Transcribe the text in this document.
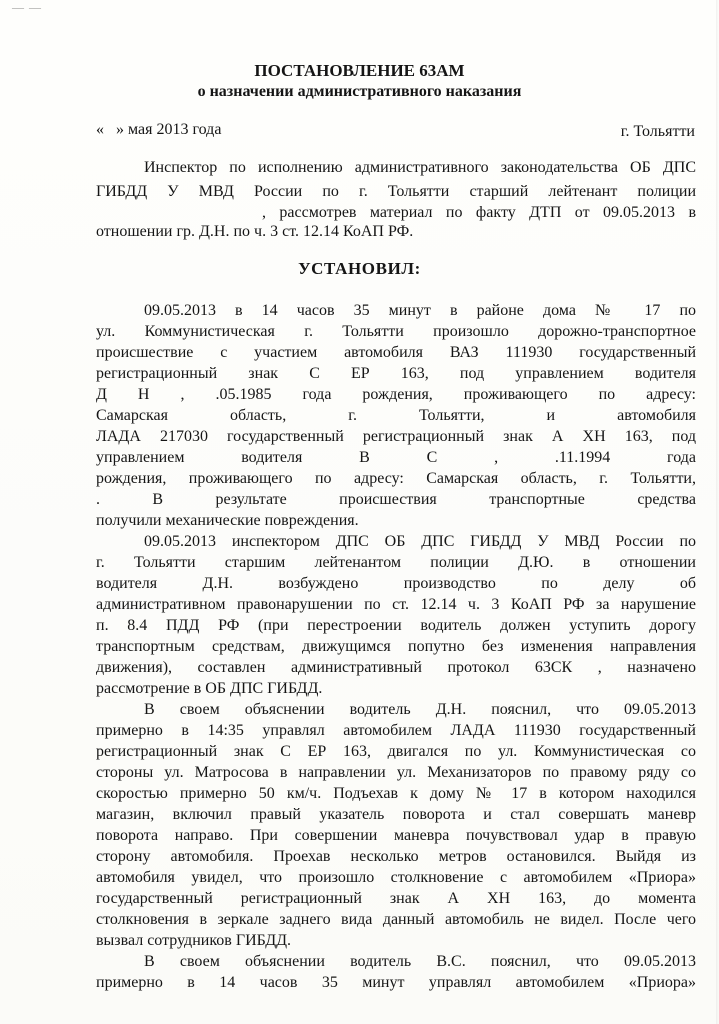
— —
ПОСТАНОВЛЕНИЕ 63АМ
о назначении административного наказания
«   » мая 2013 года	г. Тольятти
Инспектор по исполнению административного законодательства ОБ ДПС
ГИБДД У МВД России по г. Тольятти старший лейтенант полиции
, рассмотрев материал по факту ДТП от 09.05.2013 в
отношении гр. Д.Н. по ч. 3 ст. 12.14 КоАП РФ.
УСТАНОВИЛ:
09.05.2013 в 14 часов 35 минут в районе дома № 17 по
ул. Коммунистическая г. Тольятти произошло дорожно-транспортное
происшествие с участием автомобиля ВАЗ 111930 государственный
регистрационный знак С ЕР 163, под управлением водителя
Д Н , .05.1985 года рождения, проживающего по адресу:
Самарская область, г. Тольятти, и автомобиля
ЛАДА 217030 государственный регистрационный знак А ХН 163, под
управлением водителя В С , .11.1994 года
рождения, проживающего по адресу: Самарская область, г. Тольятти,
. В результате происшествия транспортные средства
получили механические повреждения.
09.05.2013 инспектором ДПС ОБ ДПС ГИБДД У МВД России по
г. Тольятти старшим лейтенантом полиции Д.Ю. в отношении
водителя Д.Н. возбуждено производство по делу об
административном правонарушении по ст. 12.14 ч. 3 КоАП РФ за нарушение
п. 8.4 ПДД РФ (при перестроении водитель должен уступить дорогу
транспортным средствам, движущимся попутно без изменения направления
движения), составлен административный протокол 63СК , назначено
рассмотрение в ОБ ДПС ГИБДД.
В своем объяснении водитель Д.Н. пояснил, что 09.05.2013
примерно в 14:35 управлял автомобилем ЛАДА 111930 государственный
регистрационный знак С ЕР 163, двигался по ул. Коммунистическая со
стороны ул. Матросова в направлении ул. Механизаторов по правому ряду со
скоростью примерно 50 км/ч. Подъехав к дому № 17 в котором находился
магазин, включил правый указатель поворота и стал совершать маневр
поворота направо. При совершении маневра почувствовал удар в правую
сторону автомобиля. Проехав несколько метров остановился. Выйдя из
автомобиля увидел, что произошло столкновение с автомобилем «Приора»
государственный регистрационный знак А ХН 163, до момента
столкновения в зеркале заднего вида данный автомобиль не видел. После чего
вызвал сотрудников ГИБДД.
В своем объяснении водитель В.С. пояснил, что 09.05.2013
примерно в 14 часов 35 минут управлял автомобилем «Приора»
